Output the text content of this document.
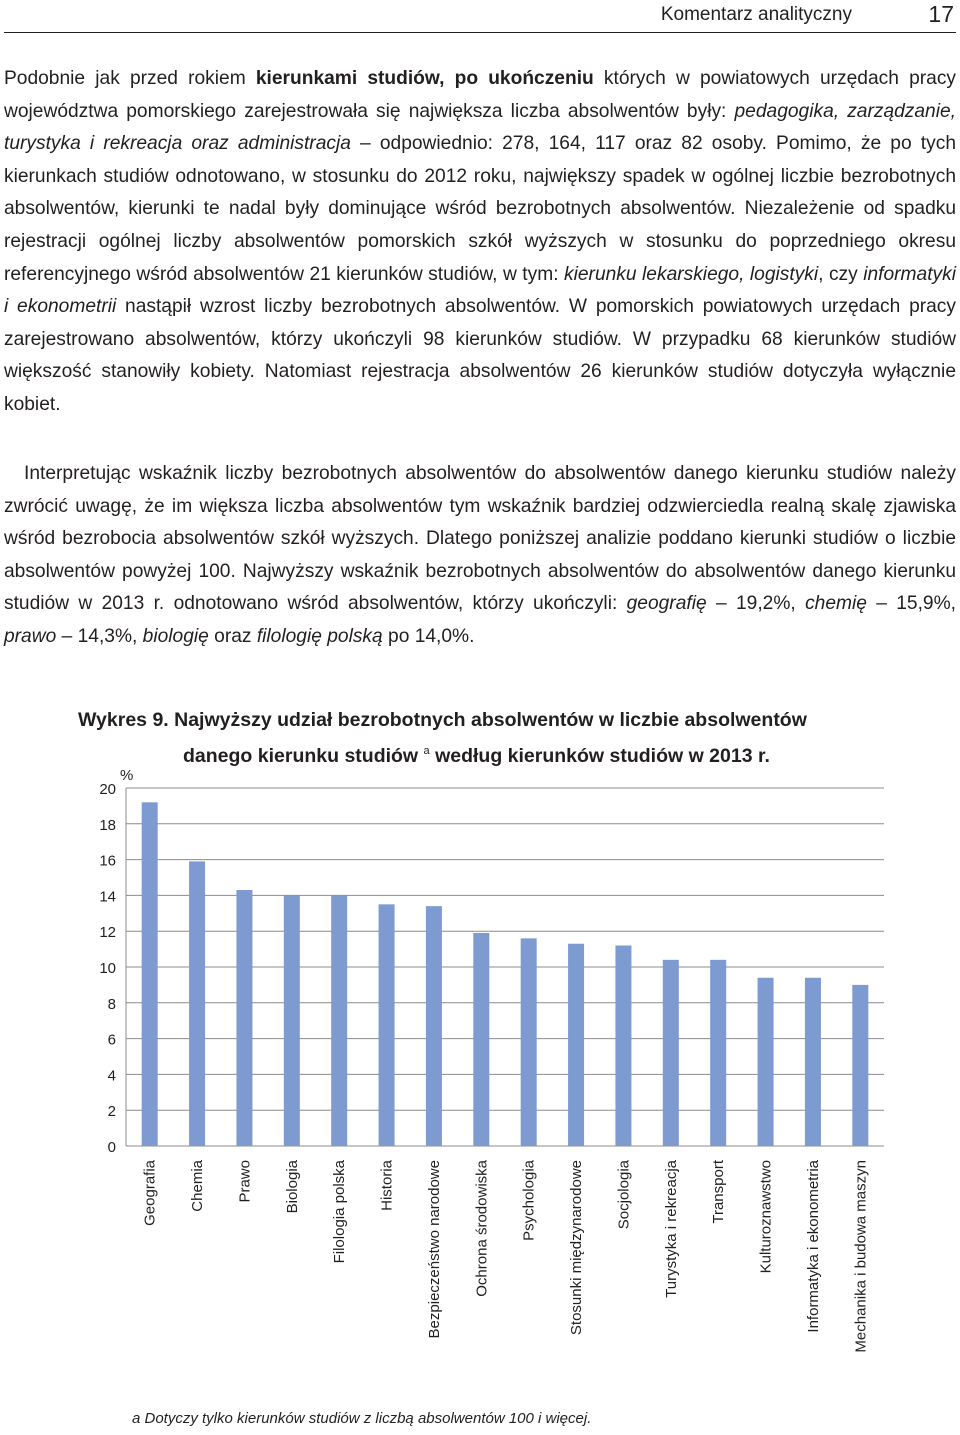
Komentarz analityczny	17

Podobnie jak przed rokiem kierunkami studiów, po ukończeniu których w powiatowych urzędach pracy województwa pomorskiego zarejestrowała się największa liczba absolwentów były: pedagogika, zarządzanie, turystyka i rekreacja oraz administracja – odpowiednio: 278, 164, 117 oraz 82 osoby. Pomimo, że po tych kierunkach studiów odnotowano, w stosunku do 2012 roku, największy spadek w ogólnej liczbie bezrobotnych absolwentów, kierunki te nadal były dominujące wśród bezrobotnych absolwentów. Niezależenie od spadku rejestracji ogólnej liczby absolwentów pomorskich szkół wyższych w stosunku do poprzedniego okresu referencyjnego wśród absolwentów 21 kierunków studiów, w tym: kierunku lekarskiego, logistyki, czy informatyki i ekonometrii nastąpił wzrost liczby bezrobotnych absolwentów. W pomorskich powiatowych urzędach pracy zarejestrowano absolwentów, którzy ukończyli 98 kierunków studiów. W przypadku 68 kierunków studiów większość stanowiły kobiety. Natomiast rejestracja absolwentów 26 kierunków studiów dotyczyła wyłącznie kobiet.

Interpretując wskaźnik liczby bezrobotnych absolwentów do absolwentów danego kierunku studiów należy zwrócić uwagę, że im większa liczba absolwentów tym wskaźnik bardziej odzwierciedla realną skalę zjawiska wśród bezrobocia absolwentów szkół wyższych. Dlatego poniższej analizie poddano kierunki studiów o liczbie absolwentów powyżej 100. Najwyższy wskaźnik bezrobotnych absolwentów do absolwentów danego kierunku studiów w 2013 r. odnotowano wśród absolwentów, którzy ukończyli: geografię – 19,2%, chemię – 15,9%, prawo – 14,3%, biologię oraz filologię polską po 14,0%.

Wykres 9. Najwyższy udział bezrobotnych absolwentów w liczbie absolwentów
danego kierunku studiów $^a$ według kierunków studiów w 2013 r.
0
2
4
6
8
10
12
14
16
18
20
%
Geografia Chemia Prawo Biologia Filologia polska Historia Bezpieczeństwo narodowe Ochrona środowiska Psychologia Stosunki międzynarodowe Socjologia Turystyka i rekreacja Transport Kulturoznawstwo Informatyka i ekonometria Mechanika i budowa maszyn
a Dotyczy tylko kierunków studiów z liczbą absolwentów 100 i więcej.
